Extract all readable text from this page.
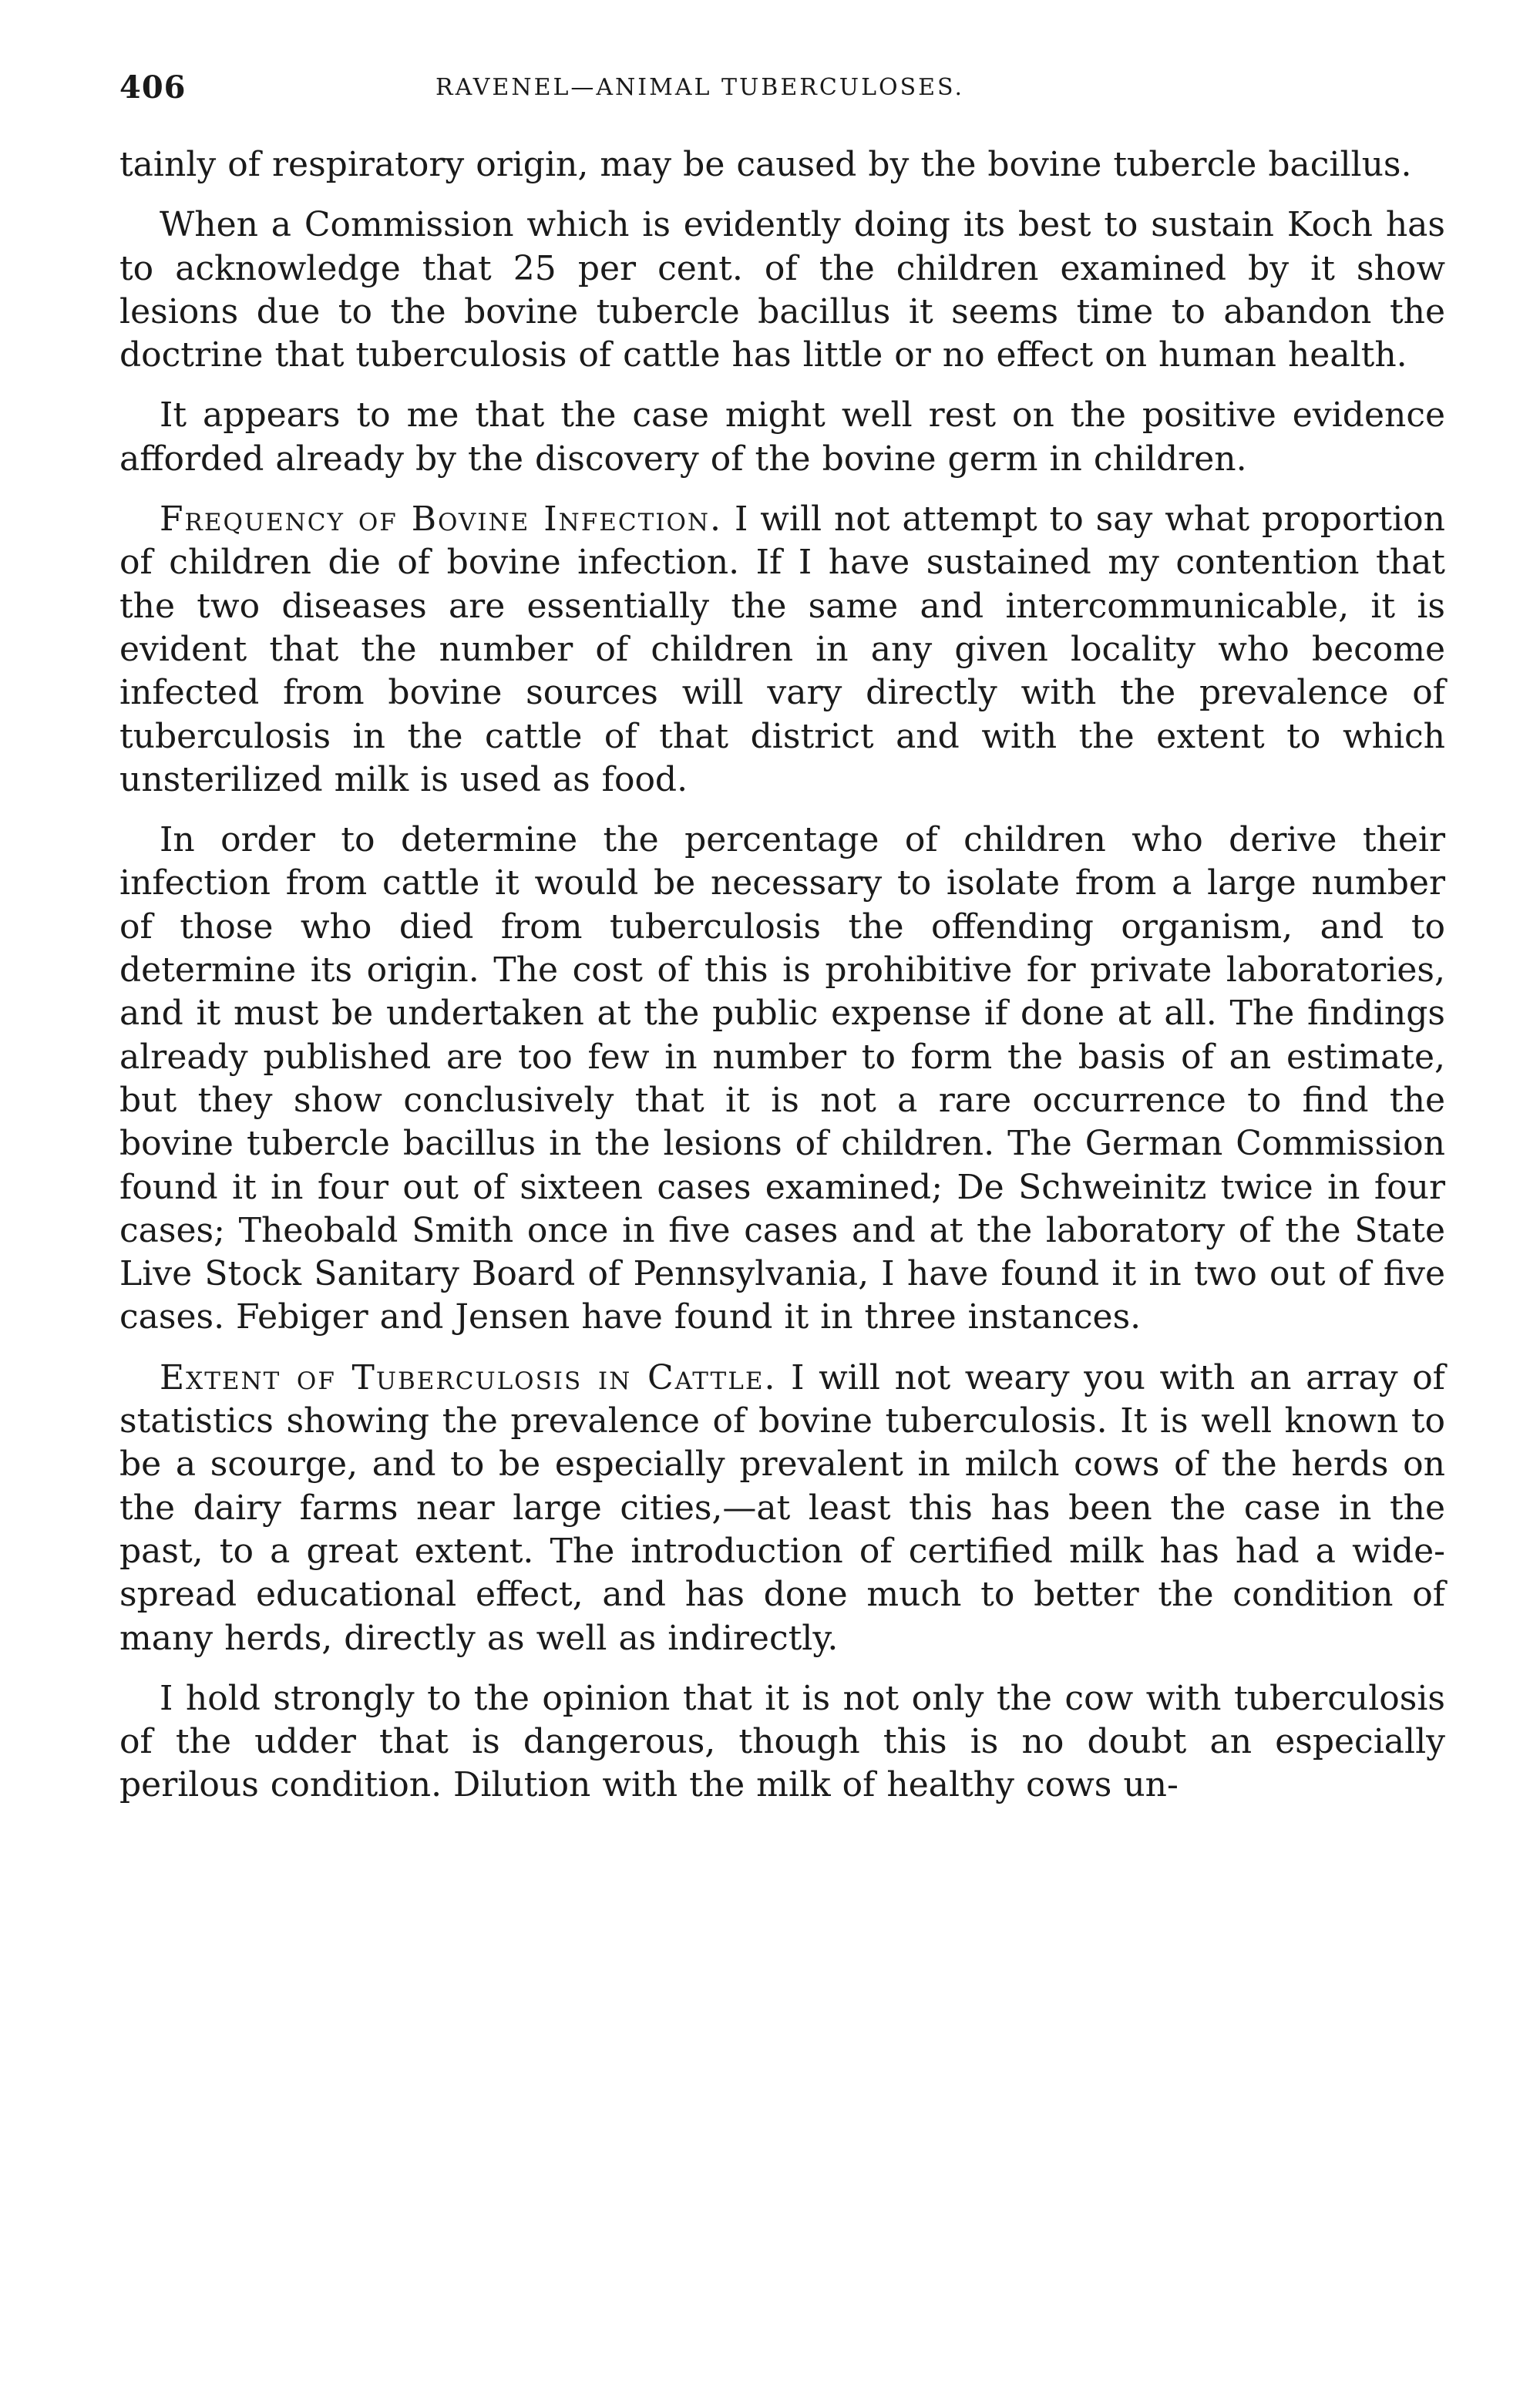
406	RAVENEL—ANIMAL TUBERCULOSES.

tainly of respiratory origin, may be caused by the bovine tubercle bacillus.

When a Commission which is evidently doing its best to sustain Koch has to acknowledge that 25 per cent. of the children examined by it show lesions due to the bovine tubercle bacillus it seems time to abandon the doctrine that tuberculosis of cattle has little or no effect on human health.

It appears to me that the case might well rest on the positive evidence afforded already by the discovery of the bovine germ in children.

Frequency of Bovine Infection. I will not attempt to say what proportion of children die of bovine infection. If I have sustained my contention that the two diseases are essentially the same and intercommunicable, it is evident that the number of children in any given locality who become infected from bovine sources will vary directly with the prevalence of tuberculosis in the cattle of that district and with the extent to which unsterilized milk is used as food.

In order to determine the percentage of children who derive their infection from cattle it would be necessary to isolate from a large number of those who died from tuberculosis the offending organism, and to determine its origin. The cost of this is prohibitive for private laboratories, and it must be undertaken at the public expense if done at all. The findings already published are too few in number to form the basis of an estimate, but they show conclusively that it is not a rare occurrence to find the bovine tubercle bacillus in the lesions of children. The German Commission found it in four out of sixteen cases examined; De Schweinitz twice in four cases; Theobald Smith once in five cases and at the laboratory of the State Live Stock Sanitary Board of Pennsylvania, I have found it in two out of five cases. Febiger and Jensen have found it in three instances.

Extent of Tuberculosis in Cattle. I will not weary you with an array of statistics showing the prevalence of bovine tuberculosis. It is well known to be a scourge, and to be especially prevalent in milch cows of the herds on the dairy farms near large cities,—at least this has been the case in the past, to a great extent. The introduction of certified milk has had a wide-spread educational effect, and has done much to better the condition of many herds, directly as well as indirectly.

I hold strongly to the opinion that it is not only the cow with tuberculosis of the udder that is dangerous, though this is no doubt an especially perilous condition. Dilution with the milk of healthy cows un-
